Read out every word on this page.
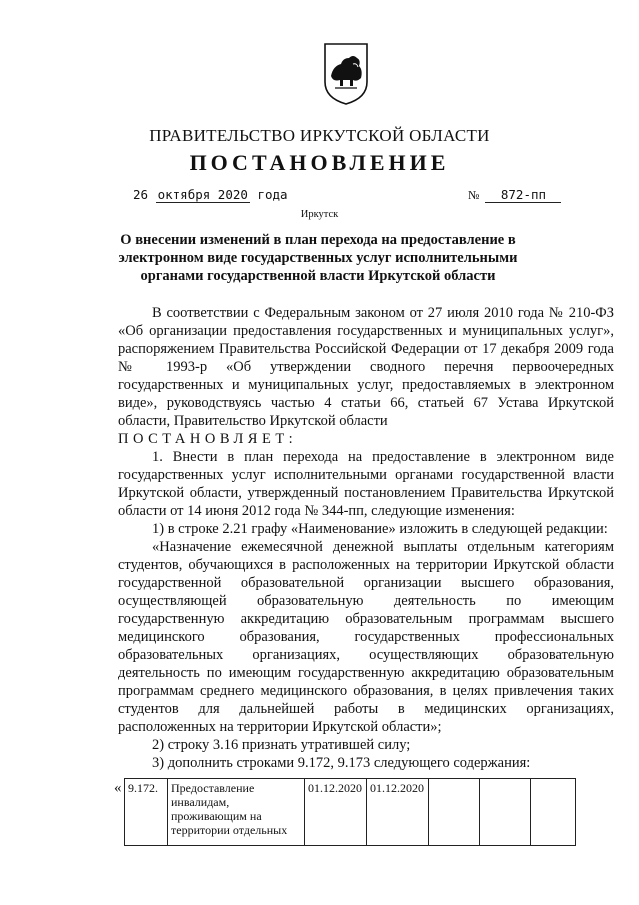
ПРАВИТЕЛЬСТВО ИРКУТСКОЙ ОБЛАСТИ
ПОСТАНОВЛЕНИЕ
26 октября 2020 года	№ 872-пп
Иркутск
О внесении изменений в план перехода на предоставление в электронном виде государственных услуг исполнительными органами государственной власти Иркутской области

В соответствии с Федеральным законом от 27 июля 2010 года № 210-ФЗ «Об организации предоставления государственных и муниципальных услуг», распоряжением Правительства Российской Федерации от 17 декабря 2009 года № 1993-р «Об утверждении сводного перечня первоочередных государственных и муниципальных услуг, предоставляемых в электронном виде», руководствуясь частью 4 статьи 66, статьей 67 Устава Иркутской области, Правительство Иркутской области

ПОСТАНОВЛЯЕТ:

1. Внести в план перехода на предоставление в электронном виде государственных услуг исполнительными органами государственной власти Иркутской области, утвержденный постановлением Правительства Иркутской области от 14 июня 2012 года № 344-пп, следующие изменения:

1) в строке 2.21 графу «Наименование» изложить в следующей редакции:

«Назначение ежемесячной денежной выплаты отдельным категориям студентов, обучающихся в расположенных на территории Иркутской области государственной образовательной организации высшего образования, осуществляющей образовательную деятельность по имеющим государственную аккредитацию образовательным программам высшего медицинского образования, государственных профессиональных образовательных организациях, осуществляющих образовательную деятельность по имеющим государственную аккредитацию образовательным программам среднего медицинского образования, в целях привлечения таких студентов для дальнейшей работы в медицинских организациях, расположенных на территории Иркутской области»;

2) строку 3.16 признать утратившей силу;

3) дополнить строками 9.172, 9.173 следующего содержания:

«	9.172.	Предоставление инвалидам, проживающим на территории отдельных	01.12.2020	01.12.2020			
